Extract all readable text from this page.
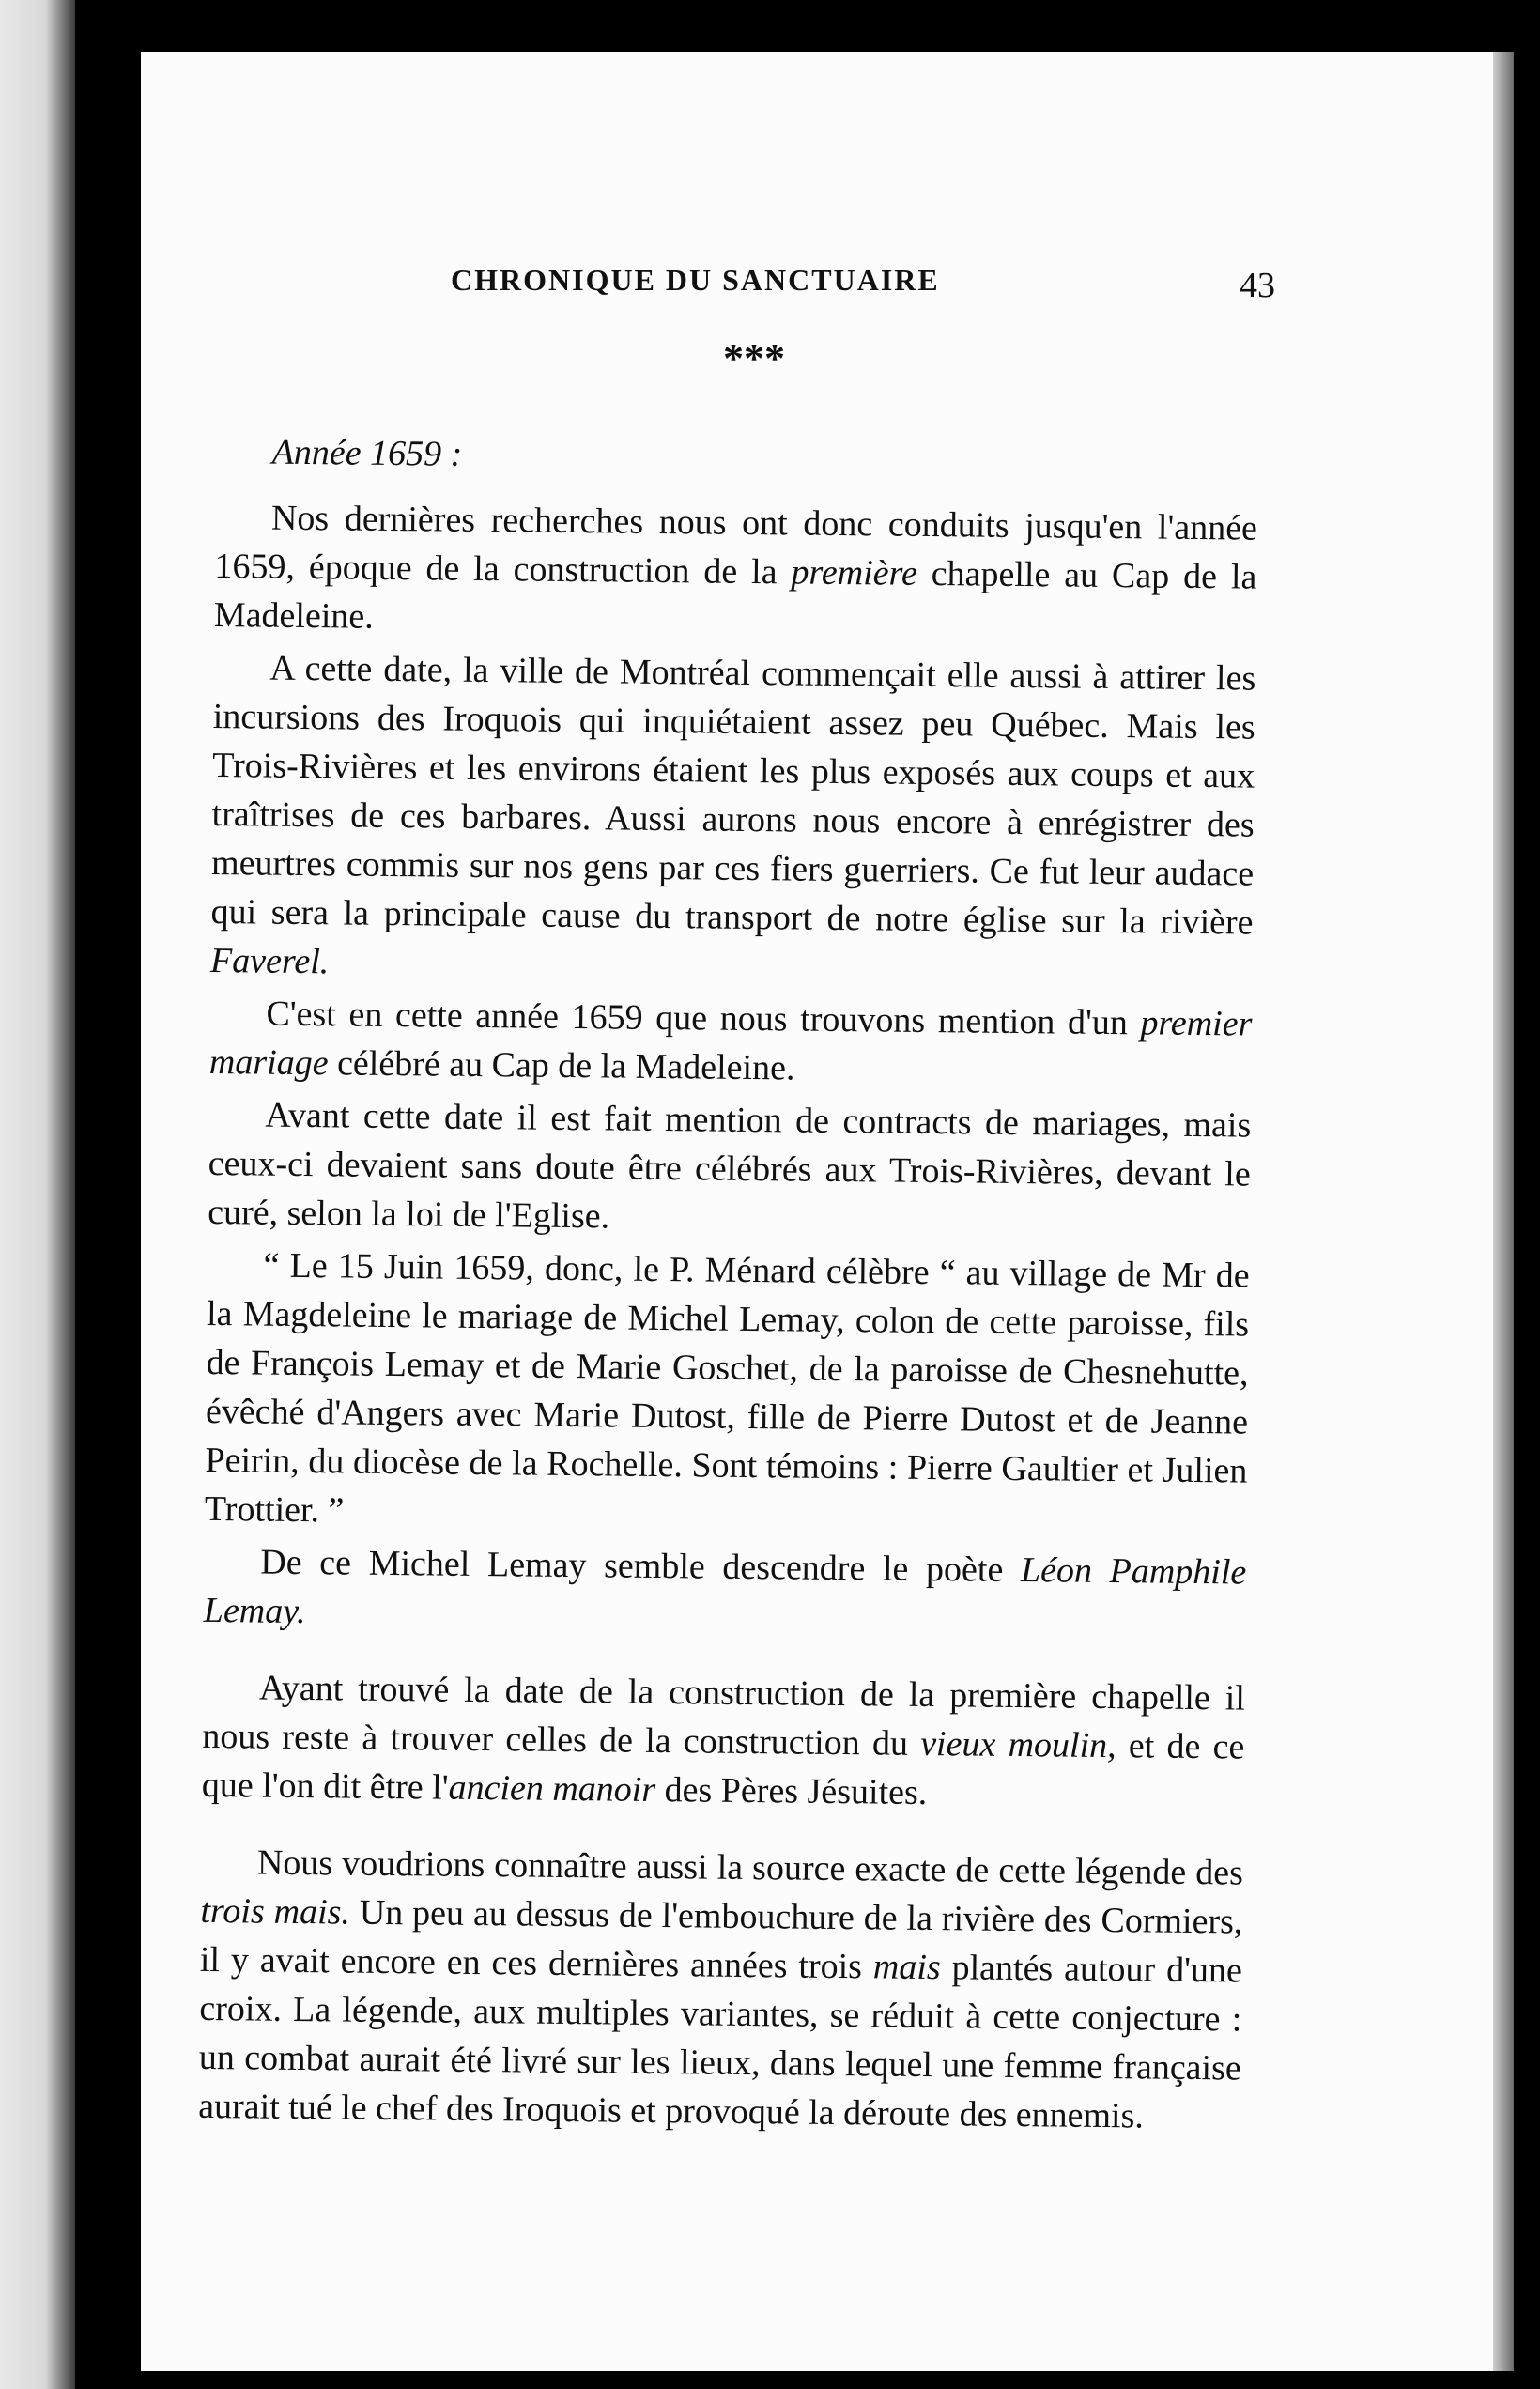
CHRONIQUE DU SANCTUAIRE	43
***
Année 1659 :

Nos dernières recherches nous ont donc conduits jusqu'en l'année 1659, époque de la construction de la première chapelle au Cap de la Madeleine.

A cette date, la ville de Montréal commençait elle aussi à attirer les incursions des Iroquois qui inquiétaient assez peu Québec. Mais les Trois-Rivières et les environs étaient les plus exposés aux coups et aux traîtrises de ces barbares. Aussi aurons nous encore à enrégistrer des meurtres commis sur nos gens par ces fiers guerriers. Ce fut leur audace qui sera la principale cause du transport de notre église sur la rivière Faverel.

C'est en cette année 1659 que nous trouvons mention d'un premier mariage célébré au Cap de la Madeleine.

Avant cette date il est fait mention de contracts de mariages, mais ceux-ci devaient sans doute être célébrés aux Trois-Rivières, devant le curé, selon la loi de l'Eglise.

“ Le 15 Juin 1659, donc, le P. Ménard célèbre “ au village de Mr de la Magdeleine le mariage de Michel Lemay, colon de cette paroisse, fils de François Lemay et de Marie Goschet, de la paroisse de Chesnehutte, évêché d'Angers avec Marie Dutost, fille de Pierre Dutost et de Jeanne Peirin, du diocèse de la Rochelle. Sont témoins : Pierre Gaultier et Julien Trottier. ”

De ce Michel Lemay semble descendre le poète Léon Pamphile Lemay.

Ayant trouvé la date de la construction de la première chapelle il nous reste à trouver celles de la construction du vieux moulin, et de ce que l'on dit être l'ancien manoir des Pères Jésuites.

Nous voudrions connaître aussi la source exacte de cette légende des trois mais. Un peu au dessus de l'embouchure de la rivière des Cormiers, il y avait encore en ces dernières années trois mais plantés autour d'une croix. La légende, aux multiples variantes, se réduit à cette conjecture : un combat aurait été livré sur les lieux, dans lequel une femme française aurait tué le chef des Iroquois et provoqué la déroute des ennemis.
